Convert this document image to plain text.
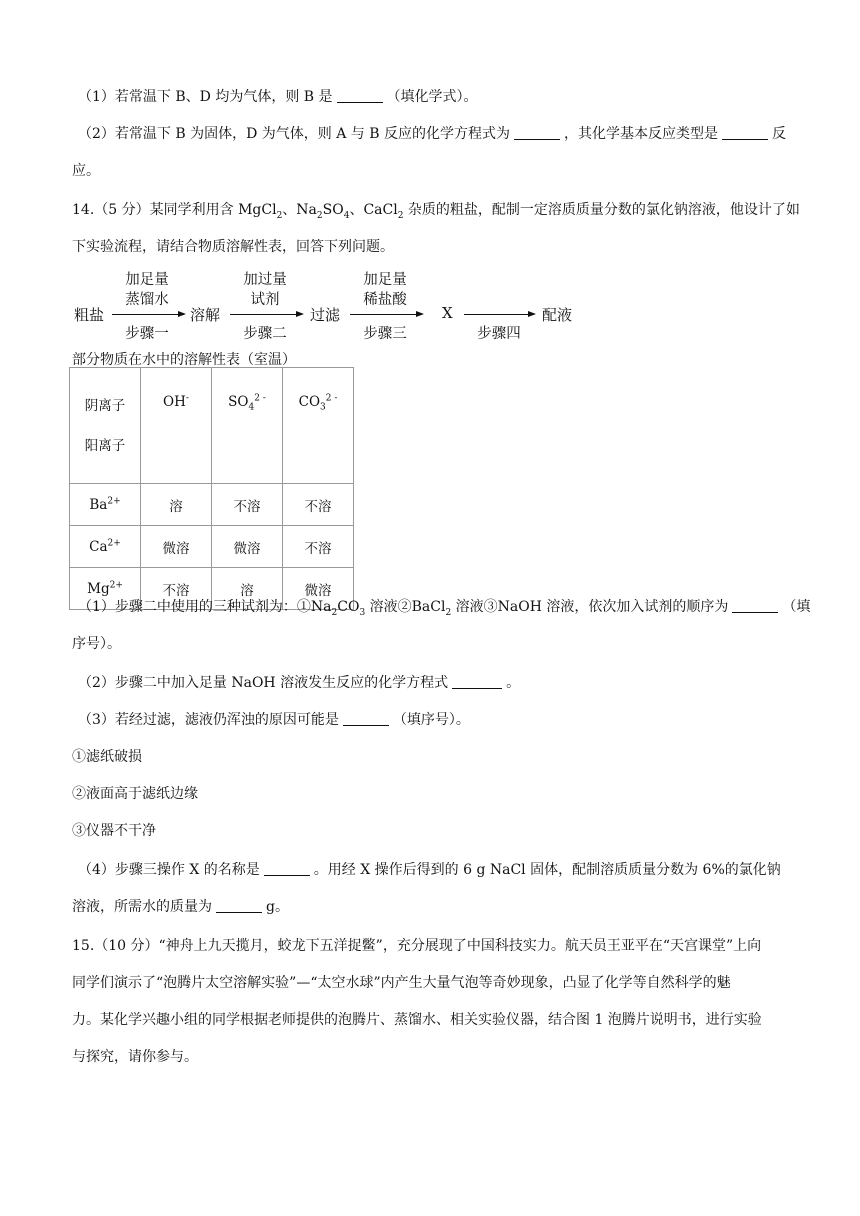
（1）若常温下 B、D 均为气体，则 B 是	（填化学式）。
（2）若常温下 B 为固体，D 为气体，则 A 与 B 反应的化学方程式为	，其化学基本反应类型是	反
应。
14.（5 分）某同学利用含 MgCl$_2$、$Na_2SO_4$、CaCl$_2$ 杂质的粗盐，配制一定溶质质量分数的氯化钠溶液，他设计了如
下实验流程，请结合物质溶解性表，回答下列问题。
粗盐
加足量
蒸馏水
步骤一
溶解
加过量
试剂
步骤二
过滤
加足量
稀盐酸
步骤三
X
步骤四
配液
部分物质在水中的溶解性表（室温）
阴离子
阳离子	OH-	$SO_4^{2 -}$	$CO_3^{2 -}$
$Ba^{2+}$	溶	不溶	不溶
$Ca^{2+}$	微溶	微溶	不溶
$Mg^{2+}$	不溶	溶	微溶
（1）步骤二中使用的三种试剂为：$①Na_2CO_3$ 溶液②BaCl$_2$ 溶液③NaOH 溶液，依次加入试剂的顺序为	（填
序号）。
（2）步骤二中加入足量 NaOH 溶液发生反应的化学方程式	。
（3）若经过滤，滤液仍浑浊的原因可能是	（填序号）。
①滤纸破损
②液面高于滤纸边缘
③仪器不干净
（4）步骤三操作 X 的名称是	。用经 X 操作后得到的 6 g NaCl 固体，配制溶质质量分数为 6%的氯化钠
溶液，所需水的质量为	g。
15.（10 分）“神舟上九天揽月，蛟龙下五洋捉鳖”，充分展现了中国科技实力。航天员王亚平在“天宫课堂”上向
同学们演示了“泡腾片太空溶解实验”—“太空水球”内产生大量气泡等奇妙现象，凸显了化学等自然科学的魅
力。某化学兴趣小组的同学根据老师提供的泡腾片、蒸馏水、相关实验仪器，结合图 1 泡腾片说明书，进行实验
与探究，请你参与。
